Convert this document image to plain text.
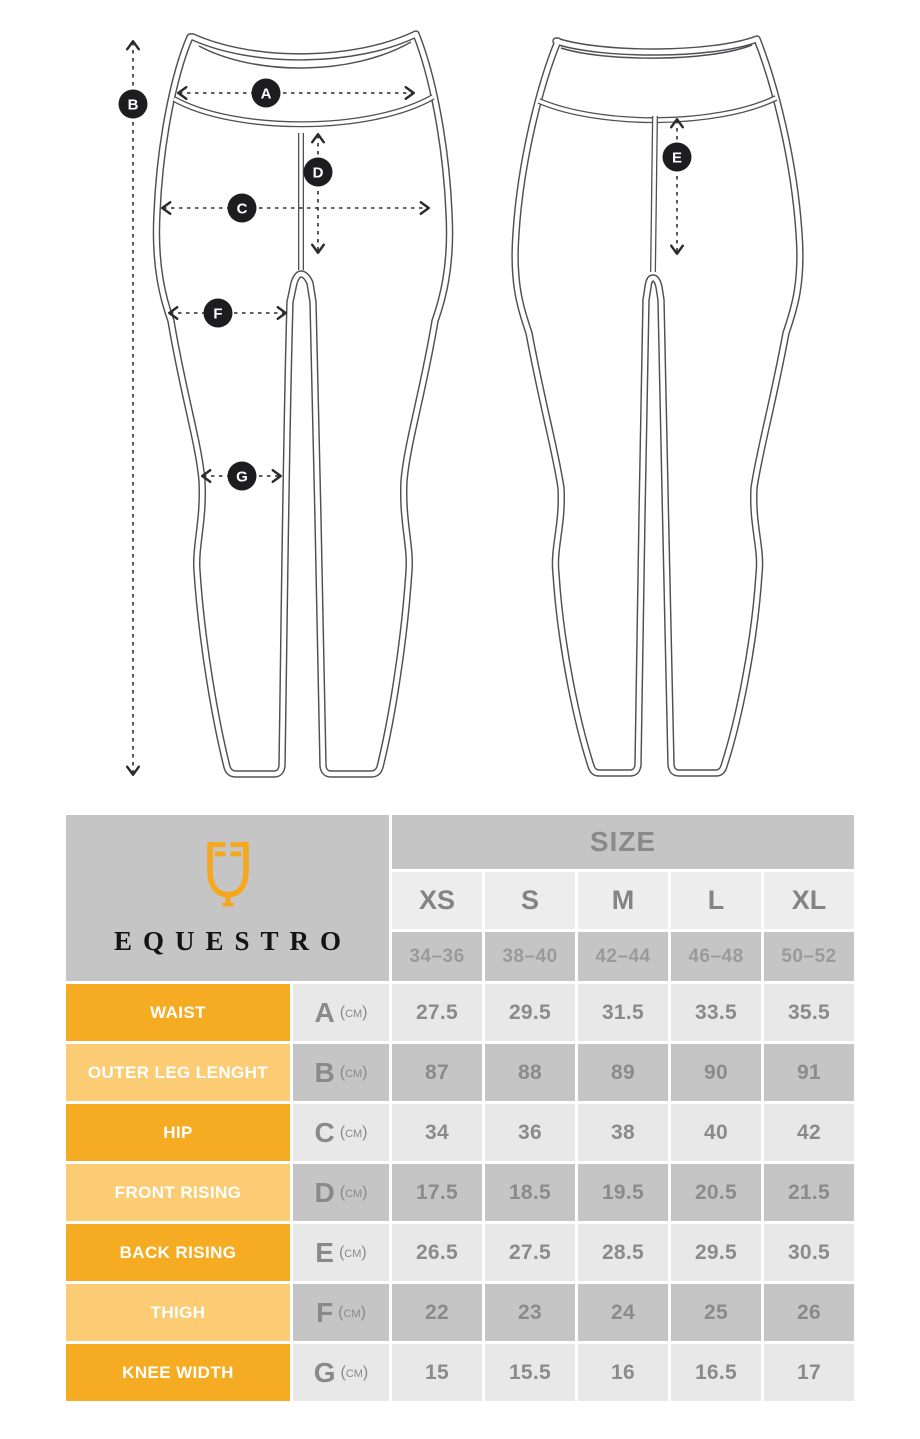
B
A
D
C
F
G
E
EQUESTRO
SIZE
XS	S	M	L	XL
34–36	38–40	42–44	46–48	50–52
WAIST	A (cm)	27.5	29.5	31.5	33.5	35.5
OUTER LEG LENGHT	B (cm)	87	88	89	90	91
HIP	C (cm)	34	36	38	40	42
FRONT RISING	D (cm)	17.5	18.5	19.5	20.5	21.5
BACK RISING	E (cm)	26.5	27.5	28.5	29.5	30.5
THIGH	F (cm)	22	23	24	25	26
KNEE WIDTH	G (cm)	15	15.5	16	16.5	17
